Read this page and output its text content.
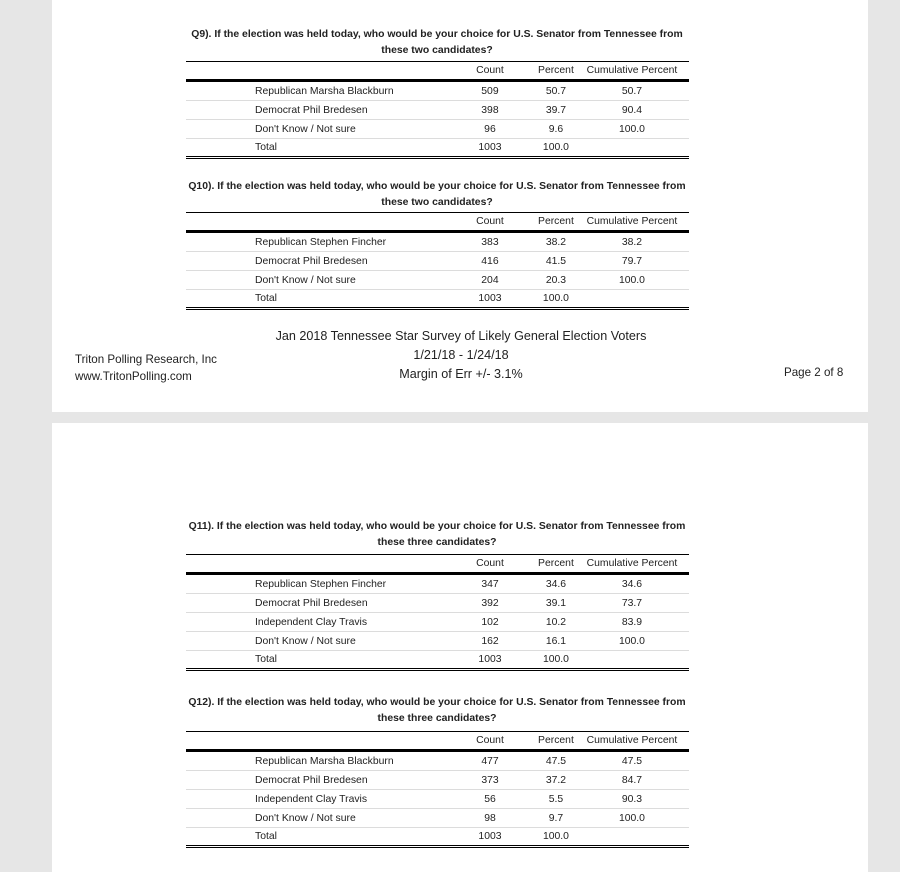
Q9). If the election was held today, who would be your choice for U.S. Senator from Tennessee from
these two candidates?
	Count	Percent	Cumulative Percent
Republican Marsha Blackburn	509	50.7	50.7
Democrat Phil Bredesen	398	39.7	90.4
Don't Know / Not sure	96	9.6	100.0
Total	1003	100.0	
Q10). If the election was held today, who would be your choice for U.S. Senator from Tennessee from
these two candidates?
	Count	Percent	Cumulative Percent
Republican Stephen Fincher	383	38.2	38.2
Democrat Phil Bredesen	416	41.5	79.7
Don't Know / Not sure	204	20.3	100.0
Total	1003	100.0	
Triton Polling Research, Inc
www.TritonPolling.com
Jan 2018 Tennessee Star Survey of Likely General Election Voters
1/21/18 - 1/24/18
Margin of Err +/- 3.1%	Page 2 of 8
Q11). If the election was held today, who would be your choice for U.S. Senator from Tennessee from
these three candidates?
	Count	Percent	Cumulative Percent
Republican Stephen Fincher	347	34.6	34.6
Democrat Phil Bredesen	392	39.1	73.7
Independent Clay Travis	102	10.2	83.9
Don't Know / Not sure	162	16.1	100.0
Total	1003	100.0	
Q12). If the election was held today, who would be your choice for U.S. Senator from Tennessee from
these three candidates?
	Count	Percent	Cumulative Percent
Republican Marsha Blackburn	477	47.5	47.5
Democrat Phil Bredesen	373	37.2	84.7
Independent Clay Travis	56	5.5	90.3
Don't Know / Not sure	98	9.7	100.0
Total	1003	100.0	
